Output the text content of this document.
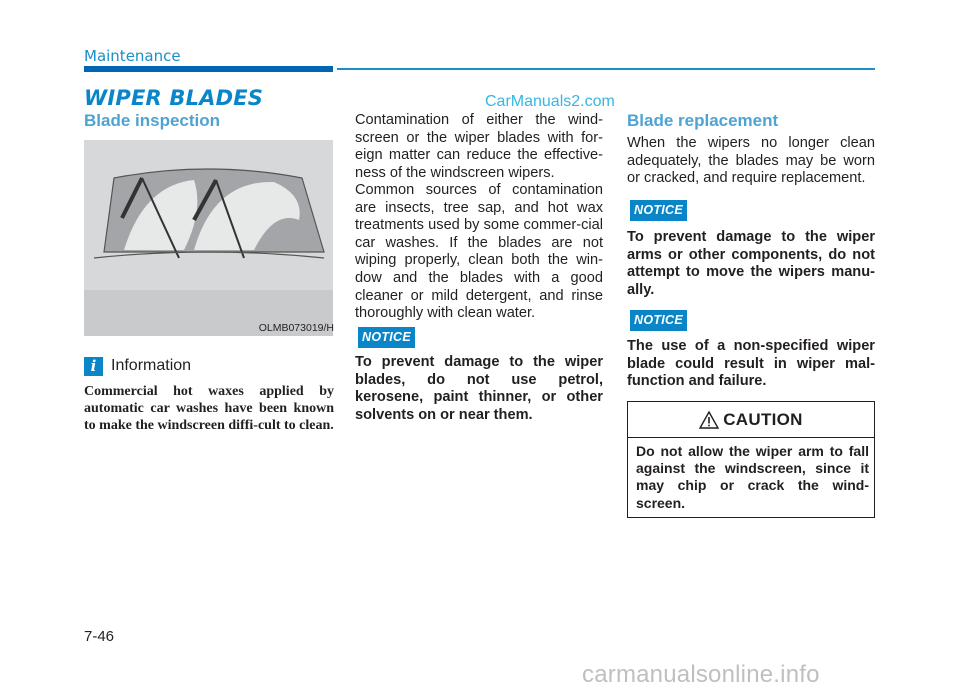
Maintenance
WIPER BLADES	CarManuals2.com
Blade inspection
OLMB073019/H
i Information

Commercial hot waxes applied by automatic car washes have been known to make the windscreen diffi-cult to clean.

Contamination of either the wind-screen or the wiper blades with for-eign matter can reduce the effective-ness of the windscreen wipers.

Common sources of contamination are insects, tree sap, and hot wax treatments used by some commer-cial car washes. If the blades are not wiping properly, clean both the win-dow and the blades with a good cleaner or mild detergent, and rinse thoroughly with clean water.

NOTICE

To prevent damage to the wiper blades, do not use petrol, kerosene, paint thinner, or other solvents on or near them.

Blade replacement

When the wipers no longer clean adequately, the blades may be worn or cracked, and require replacement.

NOTICE

To prevent damage to the wiper arms or other components, do not attempt to move the wipers manu-ally.

NOTICE

The use of a non-specified wiper blade could result in wiper mal-function and failure.

CAUTION

Do not allow the wiper arm to fall against the windscreen, since it may chip or crack the wind-screen.

7-46
carmanualsonline.info
